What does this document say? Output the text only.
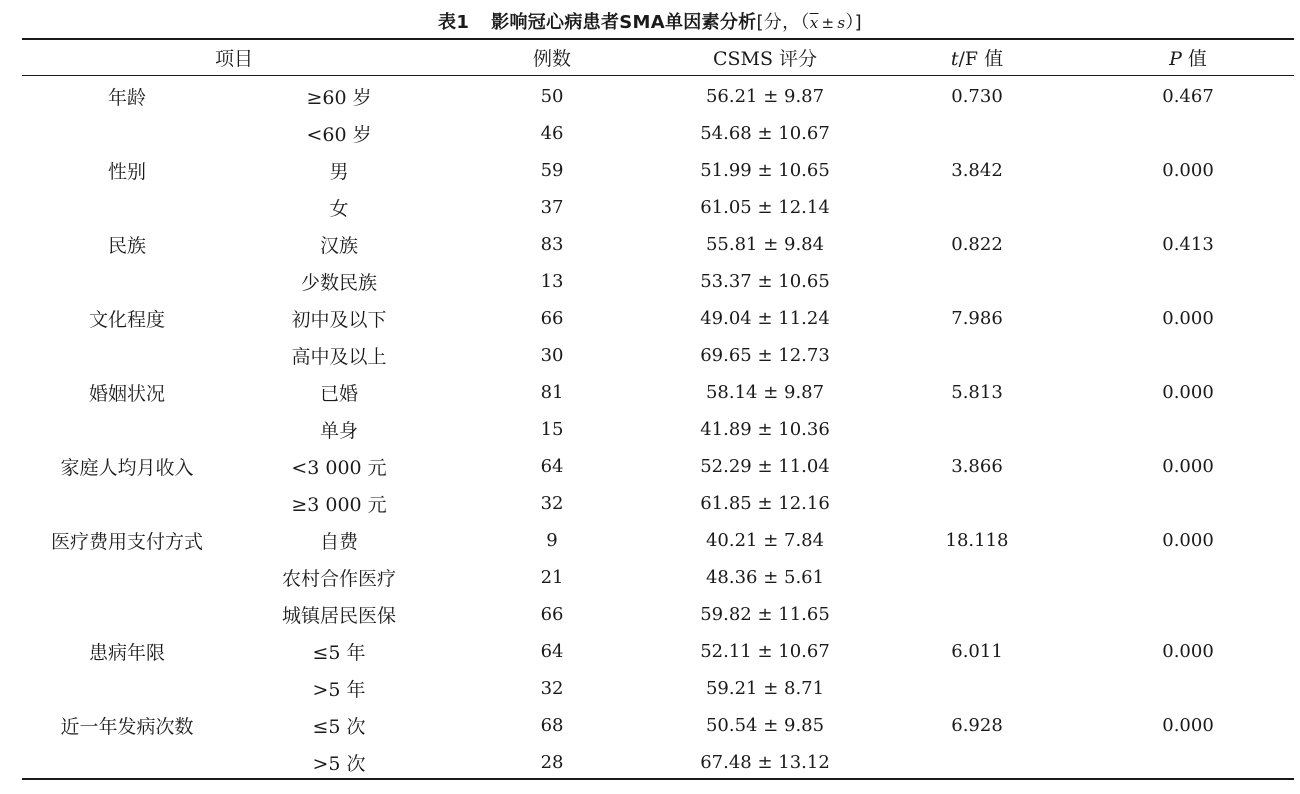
表1 影响冠心病患者SMA单因素分析[分，$(\overline{x} \pm s)$]
项目		例数	CSMS 评分	t/F 值	P 值
年龄	≥60 岁	50	56.21 ± 9.87	0.730	0.467
	<60 岁	46	54.68 ± 10.67		
性别	男	59	51.99 ± 10.65	3.842	0.000
	女	37	61.05 ± 12.14		
民族	汉族	83	55.81 ± 9.84	0.822	0.413
	少数民族	13	53.37 ± 10.65		
文化程度	初中及以下	66	49.04 ± 11.24	7.986	0.000
	高中及以上	30	69.65 ± 12.73		
婚姻状况	已婚	81	58.14 ± 9.87	5.813	0.000
	单身	15	41.89 ± 10.36		
家庭人均月收入	<3 000 元	64	52.29 ± 11.04	3.866	0.000
	≥3 000 元	32	61.85 ± 12.16		
医疗费用支付方式	自费	9	40.21 ± 7.84	18.118	0.000
	农村合作医疗	21	48.36 ± 5.61		
	城镇居民医保	66	59.82 ± 11.65		
患病年限	≤5 年	64	52.11 ± 10.67	6.011	0.000
	>5 年	32	59.21 ± 8.71		
近一年发病次数	≤5 次	68	50.54 ± 9.85	6.928	0.000
	>5 次	28	67.48 ± 13.12		
